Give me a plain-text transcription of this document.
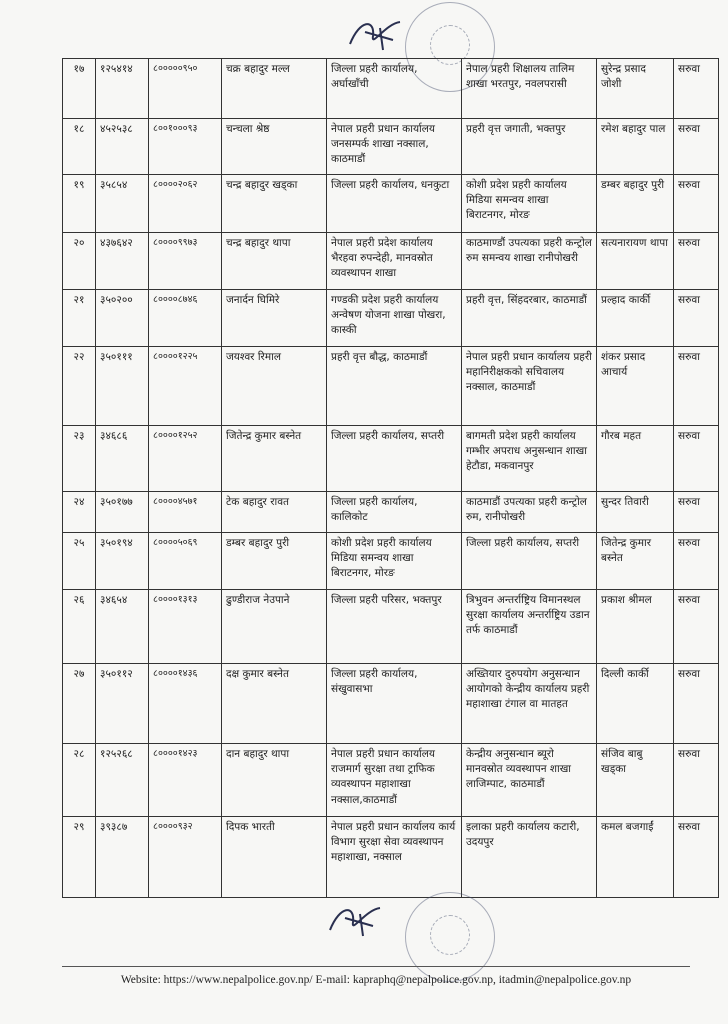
१७	१२५४१४	८०००००९५०	चक्र बहादुर मल्ल	जिल्ला प्रहरी कार्यालय, अर्घाखाँची	नेपाल प्रहरी शिक्षालय तालिम शाखा भरतपुर, नवलपरासी	सुरेन्द्र प्रसाद जोशी	सरुवा
१८	४५२५३८	८००१०००९३	चन्चला श्रेष्ठ	नेपाल प्रहरी प्रधान कार्यालय जनसम्पर्क शाखा नक्साल, काठमाडौं	प्रहरी वृत्त जगाती, भक्तपुर	रमेश बहादुर पाल	सरुवा
१९	३५८५४	८००००२०६२	चन्द्र बहादुर खड्का	जिल्ला प्रहरी कार्यालय, धनकुटा	कोशी प्रदेश प्रहरी कार्यालय मिडिया समन्वय शाखा बिराटनगर, मोरङ	डम्बर बहादुर पुरी	सरुवा
२०	४३७६४२	८००००९९७३	चन्द्र बहादुर थापा	नेपाल प्रहरी प्रदेश कार्यालय भैरहवा रुपन्देही, मानवस्रोत व्यवस्थापन शाखा	काठमाण्डौं उपत्यका प्रहरी कन्ट्रोल रुम समन्वय शाखा रानीपोखरी	सत्यनारायण थापा	सरुवा
२१	३५०२००	८००००८७४६	जनार्दन घिमिरे	गण्डकी प्रदेश प्रहरी कार्यालय अन्वेषण योजना शाखा पोखरा, कास्की	प्रहरी वृत्त, सिंहदरबार, काठमाडौं	प्रल्हाद कार्की	सरुवा
२२	३५०१११	८००००१२२५	जयश्वर रिमाल	प्रहरी वृत्त बौद्ध, काठमाडौं	नेपाल प्रहरी प्रधान कार्यालय प्रहरी महानिरीक्षकको सचिवालय नक्साल, काठमाडौं	शंकर प्रसाद आचार्य	सरुवा
२३	३४६८६	८००००१२५२	जितेन्द्र कुमार बस्नेत	जिल्ला प्रहरी कार्यालय, सप्तरी	बागमती प्रदेश प्रहरी कार्यालय गम्भीर अपराध अनुसन्धान शाखा हेटौडा, मकवानपुर	गौरब महत	सरुवा
२४	३५०१७७	८००००४५७१	टेक बहादुर रावत	जिल्ला प्रहरी कार्यालय, कालिकोट	काठमाडौं उपत्यका प्रहरी कन्ट्रोल रुम, रानीपोखरी	सुन्दर तिवारी	सरुवा
२५	३५०१९४	८००००५०६९	डम्बर बहादुर पुरी	कोशी प्रदेश प्रहरी कार्यालय मिडिया समन्वय शाखा बिराटनगर, मोरङ	जिल्ला प्रहरी कार्यालय, सप्तरी	जितेन्द्र कुमार बस्नेत	सरुवा
२६	३४६५४	८००००१३१३	ढुण्डीराज नेउपाने	जिल्ला प्रहरी परिसर, भक्तपुर	त्रिभुवन अन्तर्राष्ट्रिय विमानस्थल सुरक्षा कार्यालय अन्तर्राष्ट्रिय उडान तर्फ काठमाडौं	प्रकाश श्रीमल	सरुवा
२७	३५०११२	८००००१४३६	दक्ष कुमार बस्नेत	जिल्ला प्रहरी कार्यालय, संखुवासभा	अख्तियार दुरुपयोग अनुसन्धान आयोगको केन्द्रीय कार्यालय प्रहरी महाशाखा टंगाल वा मातहत	दिल्ली कार्की	सरुवा
२८	१२५२६८	८००००१४२३	दान बहादुर थापा	नेपाल प्रहरी प्रधान कार्यालय राजमार्ग सुरक्षा तथा ट्राफिक व्यवस्थापन महाशाखा नक्साल,काठमाडौं	केन्द्रीय अनुसन्धान ब्यूरो मानवस्रोत व्यवस्थापन शाखा लाजिम्पाट, काठमाडौं	संजिव बाबु खड्का	सरुवा
२९	३९३८७	८००००९३२	दिपक भारती	नेपाल प्रहरी प्रधान कार्यालय कार्य विभाग सुरक्षा सेवा व्यवस्थापन महाशाखा, नक्साल	इलाका प्रहरी कार्यालय कटारी, उदयपुर	कमल बजगाईं	सरुवा
Website: https://www.nepalpolice.gov.np/ E-mail: kapraphq@nepalpolice.gov.np, itadmin@nepalpolice.gov.np
